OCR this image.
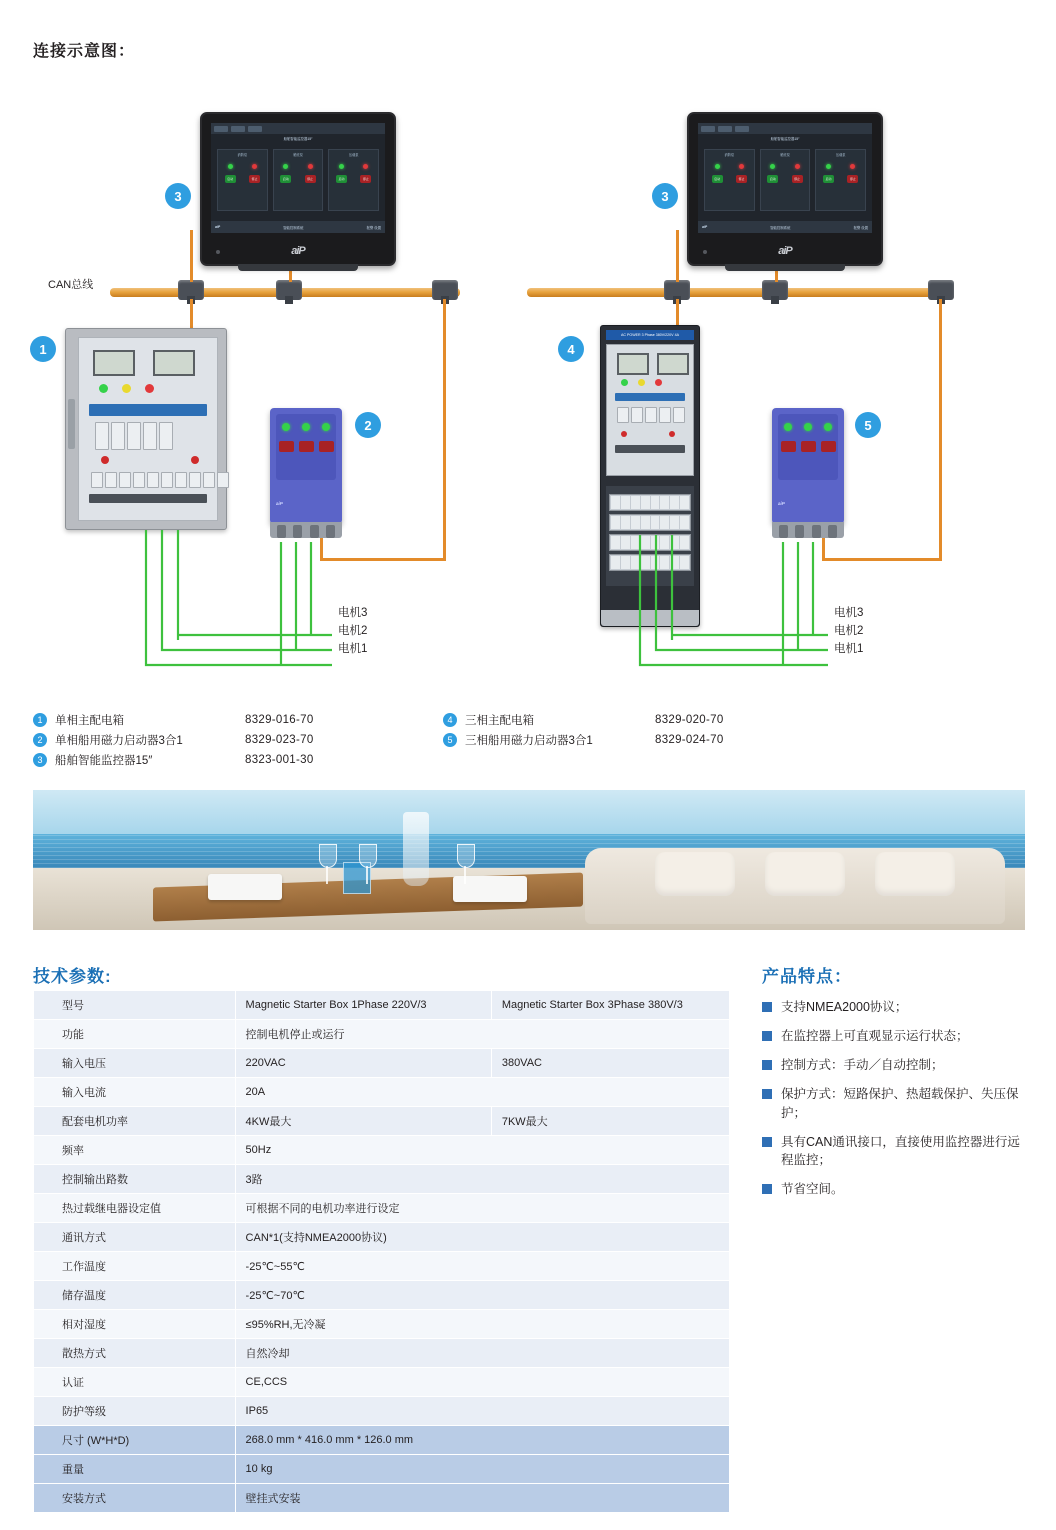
连接示意图：
CAN总线
船舶智能监控器15″
消防泵
启动	停止
舱底泵
启动	停止
压载泵
启动	停止
aiP	智能控制系统	报警 设置
aiP
3
船舶智能监控器15″
消防泵
启动	停止
舱底泵
启动	停止
压载泵
启动	停止
aiP	智能控制系统	报警 设置
aiP
3
1
aiP
2
AC POWER 3 Phase 380V/220V 4A
4
aiP
5
电机3
电机2
电机1
电机3
电机2
电机1
1	单相主配电箱	8329-016-70
2	单相船用磁力启动器3合1	8329-023-70
3	船舶智能监控器15″	8323-001-30
4	三相主配电箱	8329-020-70
5	三相船用磁力启动器3合1	8329-024-70
技术参数:
型号	Magnetic Starter Box 1Phase 220V/3	Magnetic Starter Box 3Phase 380V/3
功能	控制电机停止或运行	
输入电压	220VAC	380VAC
输入电流	20A	
配套电机功率	4KW最大	7KW最大
频率	50Hz	
控制输出路数	3路	
热过载继电器设定值	可根据不同的电机功率进行设定	
通讯方式	CAN*1(支持NMEA2000协议)	
工作温度	-25℃~55℃	
储存温度	-25℃~70℃	
相对湿度	≤95%RH,无冷凝	
散热方式	自然冷却	
认证	CE,CCS	
防护等级	IP65	
尺寸 (W*H*D)	268.0 mm * 416.0 mm * 126.0 mm	
重量	10 kg	
安装方式	壁挂式安装	
产品特点：
支持NMEA2000协议；
在监控器上可直观显示运行状态；
控制方式：手动／自动控制；
保护方式：短路保护、热超载保护、失压保护；
具有CAN通讯接口，直接使用监控器进行远程监控；
节省空间。
